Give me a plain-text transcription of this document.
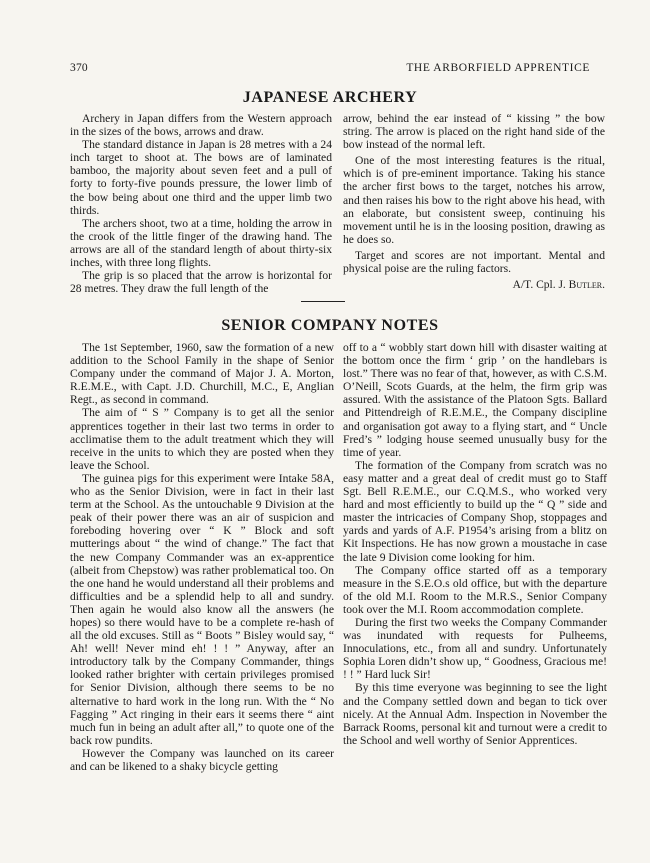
370	THE ARBORFIELD APPRENTICE
JAPANESE ARCHERY

Archery in Japan differs from the Western approach in the sizes of the bows, arrows and draw.

The standard distance in Japan is 28 metres with a 24 inch target to shoot at. The bows are of laminated bamboo, the majority about seven feet and a pull of forty to forty-five pounds pressure, the lower limb of the bow being about one third and the upper limb two thirds.

The archers shoot, two at a time, holding the arrow in the crook of the little finger of the drawing hand. The arrows are all of the standard length of about thirty-six inches, with three long flights.

The grip is so placed that the arrow is horizontal for 28 metres. They draw the full length of the

arrow, behind the ear instead of “ kissing ” the bow string. The arrow is placed on the right hand side of the bow instead of the normal left.

One of the most interesting features is the ritual, which is of pre-eminent importance. Taking his stance the archer first bows to the target, notches his arrow, and then raises his bow to the right above his head, with an elaborate, but consistent sweep, continuing his movement until he is in the loosing position, drawing as he does so.

Target and scores are not important. Mental and physical poise are the ruling factors.

A/T. Cpl. J. Butler.
SENIOR COMPANY NOTES

The 1st September, 1960, saw the formation of a new addition to the School Family in the shape of Senior Company under the command of Major J. A. Morton, R.E.M.E., with Capt. J.D. Churchill, M.C., E, Anglian Regt., as second in command.

The aim of “ S ” Company is to get all the senior apprentices together in their last two terms in order to acclimatise them to the adult treatment which they will receive in the units to which they are posted when they leave the School.

The guinea pigs for this experiment were Intake 58A, who as the Senior Division, were in fact in their last term at the School. As the untouchable 9 Division at the peak of their power there was an air of suspicion and foreboding hovering over “ K ” Block and soft mutterings about “ the wind of change.” The fact that the new Company Commander was an ex-apprentice (albeit from Chepstow) was rather problematical too. On the one hand he would understand all their problems and difficulties and be a splendid help to all and sundry. Then again he would also know all the answers (he hopes) so there would have to be a complete re-hash of all the old excuses. Still as “ Boots ” Bisley would say, “ Ah! well! Never mind eh! ! ! ” Anyway, after an introductory talk by the Company Commander, things looked rather brighter with certain privileges promised for Senior Division, although there seems to be no alternative to hard work in the long run. With the “ No Fagging ” Act ringing in their ears it seems there “ aint much fun in being an adult after all,” to quote one of the back row pundits.

However the Company was launched on its career and can be likened to a shaky bicycle getting

off to a “ wobbly start down hill with disaster waiting at the bottom once the firm ‘ grip ’ on the handlebars is lost.” There was no fear of that, however, as with C.S.M. O’Neill, Scots Guards, at the helm, the firm grip was assured. With the assistance of the Platoon Sgts. Ballard and Pittendreigh of R.E.M.E., the Company discipline and organisation got away to a flying start, and “ Uncle Fred’s ” lodging house seemed unusually busy for the time of year.

The formation of the Company from scratch was no easy matter and a great deal of credit must go to Staff Sgt. Bell R.E.M.E., our C.Q.M.S., who worked very hard and most efficiently to build up the “ Q ” side and master the intricacies of Company Shop, stoppages and yards and yards of A.F. P1954’s arising from a blitz on Kit Inspections. He has now grown a moustache in case the late 9 Division come looking for him.

The Company office started off as a temporary measure in the S.E.O.s old office, but with the departure of the old M.I. Room to the M.R.S., Senior Company took over the M.I. Room accommodation complete.

During the first two weeks the Company Commander was inundated with requests for Pulheems, Innoculations, etc., from all and sundry. Unfortunately Sophia Loren didn’t show up, “ Goodness, Gracious me! ! ! ” Hard luck Sir!

By this time everyone was beginning to see the light and the Company settled down and began to tick over nicely. At the Annual Adm. Inspection in November the Barrack Rooms, personal kit and turnout were a credit to the School and well worthy of Senior Apprentices.
